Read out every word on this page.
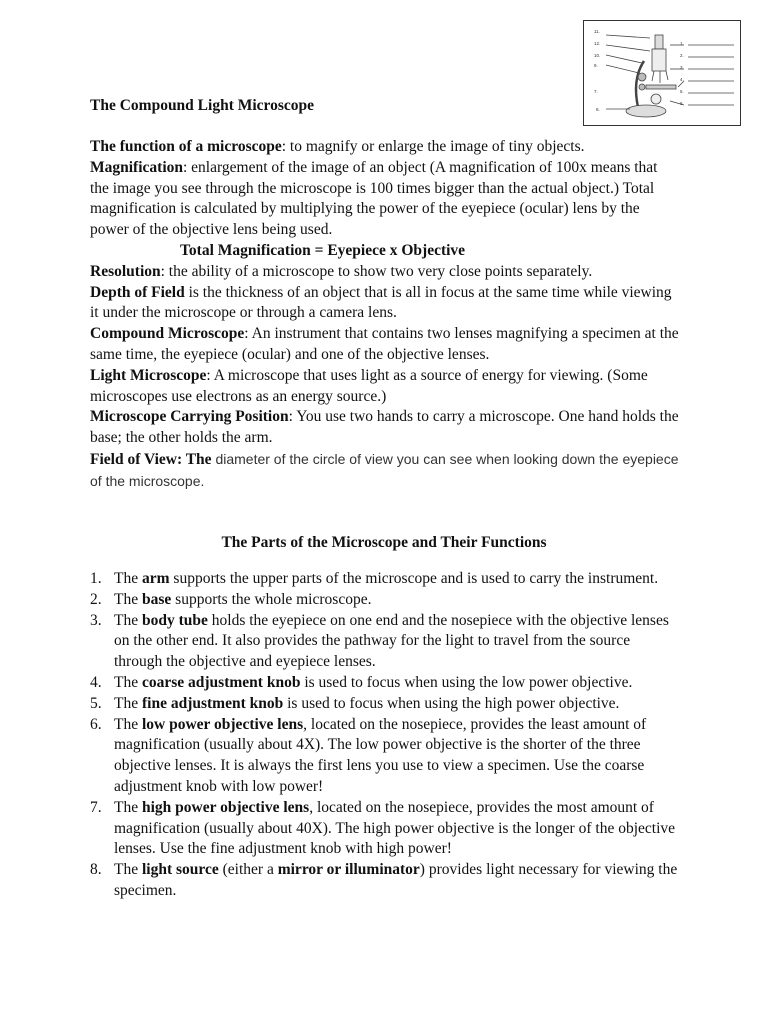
11.
12.
10.
9.
7.
8.
1.
2.
3.
4.
5.
6.
The Compound Light Microscope

The function of a microscope: to magnify or enlarge the image of tiny objects.

Magnification: enlargement of the image of an object (A magnification of 100x means that the image you see through the microscope is 100 times bigger than the actual object.) Total magnification is calculated by multiplying the power of the eyepiece (ocular) lens by the power of the objective lens being used.

Total Magnification = Eyepiece x Objective

Resolution: the ability of a microscope to show two very close points separately.

Depth of Field is the thickness of an object that is all in focus at the same time while viewing it under the microscope or through a camera lens.

Compound Microscope: An instrument that contains two lenses magnifying a specimen at the same time, the eyepiece (ocular) and one of the objective lenses.

Light Microscope: A microscope that uses light as a source of energy for viewing. (Some microscopes use electrons as an energy source.)

Microscope Carrying Position: You use two hands to carry a microscope. One hand holds the base; the other holds the arm.

Field of View: The diameter of the circle of view you can see when looking down the eyepiece of the microscope.

The Parts of the Microscope and Their Functions
1. The arm supports the upper parts of the microscope and is used to carry the instrument.
2. The base supports the whole microscope.
3. The body tube holds the eyepiece on one end and the nosepiece with the objective lenses on the other end. It also provides the pathway for the light to travel from the source through the objective and eyepiece lenses.
4. The coarse adjustment knob is used to focus when using the low power objective.
5. The fine adjustment knob is used to focus when using the high power objective.
6. The low power objective lens, located on the nosepiece, provides the least amount of magnification (usually about 4X). The low power objective is the shorter of the three objective lenses. It is always the first lens you use to view a specimen. Use the coarse adjustment knob with low power!
7. The high power objective lens, located on the nosepiece, provides the most amount of magnification (usually about 40X). The high power objective is the longer of the objective lenses. Use the fine adjustment knob with high power!
8. The light source (either a mirror or illuminator) provides light necessary for viewing the specimen.
